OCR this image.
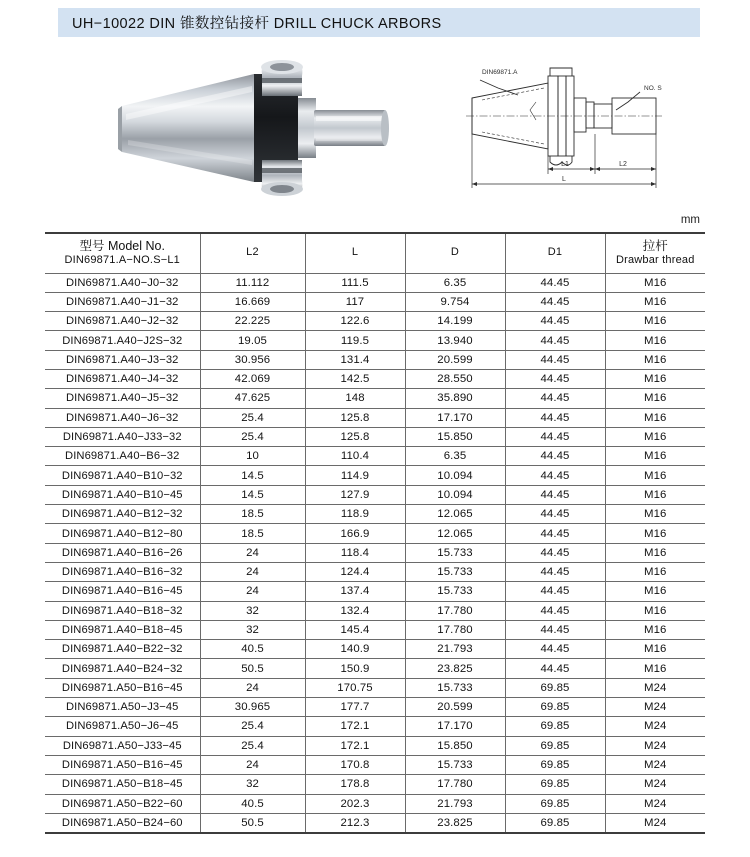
UH−10022 DIN 锥数控钻接杆 DRILL CHUCK ARBORS
DIN69871.A
NO. S
L1	L2
L
mm
型号 Model No.
DIN69871.A−NO.S−L1	L2	L	D	D1	拉杆
Drawbar thread

DIN69871.A40−J0−32	11.112	111.5	6.35	44.45	M16
DIN69871.A40−J1−32	16.669	117	9.754	44.45	M16
DIN69871.A40−J2−32	22.225	122.6	14.199	44.45	M16
DIN69871.A40−J2S−32	19.05	119.5	13.940	44.45	M16
DIN69871.A40−J3−32	30.956	131.4	20.599	44.45	M16
DIN69871.A40−J4−32	42.069	142.5	28.550	44.45	M16
DIN69871.A40−J5−32	47.625	148	35.890	44.45	M16
DIN69871.A40−J6−32	25.4	125.8	17.170	44.45	M16
DIN69871.A40−J33−32	25.4	125.8	15.850	44.45	M16
DIN69871.A40−B6−32	10	110.4	6.35	44.45	M16
DIN69871.A40−B10−32	14.5	114.9	10.094	44.45	M16
DIN69871.A40−B10−45	14.5	127.9	10.094	44.45	M16
DIN69871.A40−B12−32	18.5	118.9	12.065	44.45	M16
DIN69871.A40−B12−80	18.5	166.9	12.065	44.45	M16
DIN69871.A40−B16−26	24	118.4	15.733	44.45	M16
DIN69871.A40−B16−32	24	124.4	15.733	44.45	M16
DIN69871.A40−B16−45	24	137.4	15.733	44.45	M16
DIN69871.A40−B18−32	32	132.4	17.780	44.45	M16
DIN69871.A40−B18−45	32	145.4	17.780	44.45	M16
DIN69871.A40−B22−32	40.5	140.9	21.793	44.45	M16
DIN69871.A40−B24−32	50.5	150.9	23.825	44.45	M16
DIN69871.A50−B16−45	24	170.75	15.733	69.85	M24
DIN69871.A50−J3−45	30.965	177.7	20.599	69.85	M24
DIN69871.A50−J6−45	25.4	172.1	17.170	69.85	M24
DIN69871.A50−J33−45	25.4	172.1	15.850	69.85	M24
DIN69871.A50−B16−45	24	170.8	15.733	69.85	M24
DIN69871.A50−B18−45	32	178.8	17.780	69.85	M24
DIN69871.A50−B22−60	40.5	202.3	21.793	69.85	M24
DIN69871.A50−B24−60	50.5	212.3	23.825	69.85	M24
